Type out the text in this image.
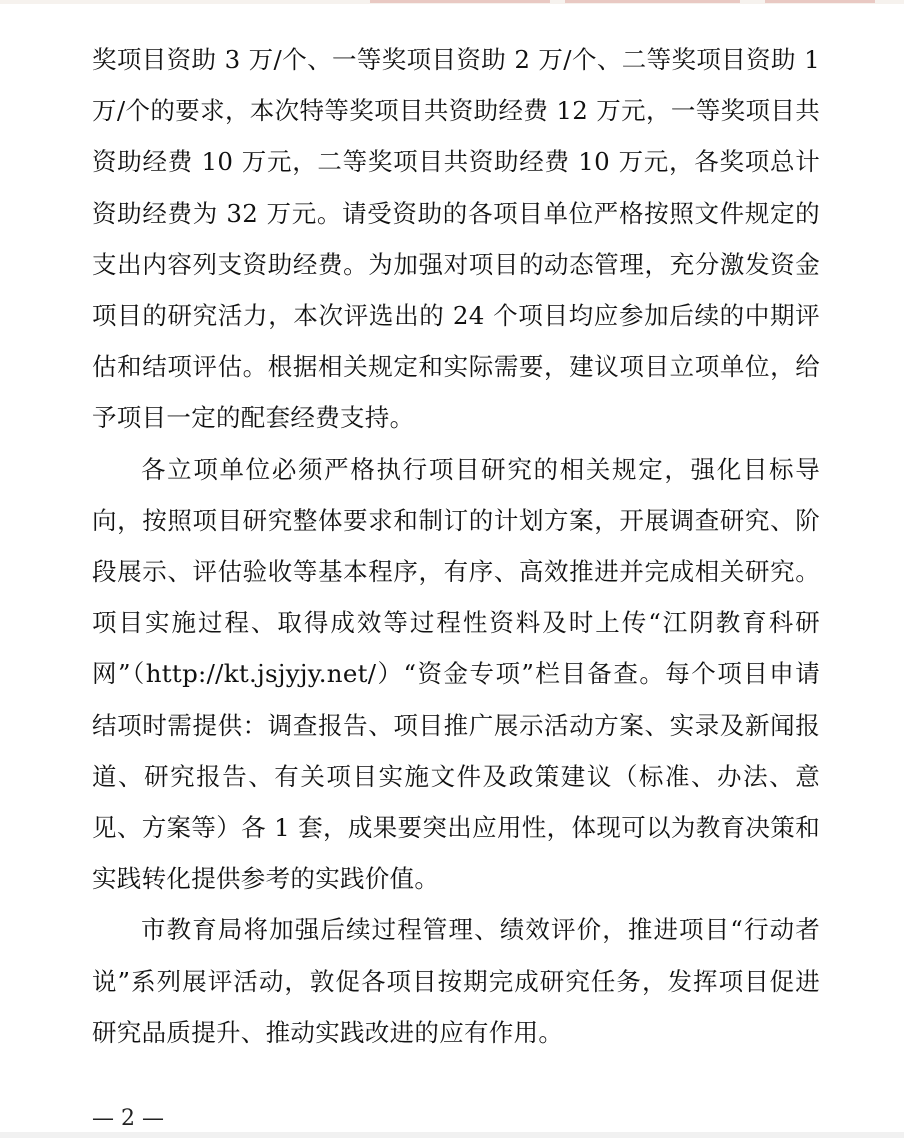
奖项目资助 3 万/个、一等奖项目资助 2 万/个、二等奖项目资助 1 万/个的要求，本次特等奖项目共资助经费 12 万元，一等奖项目共资助经费 10 万元，二等奖项目共资助经费 10 万元，各奖项总计资助经费为 32 万元。请受资助的各项目单位严格按照文件规定的支出内容列支资助经费。为加强对项目的动态管理，充分激发资金项目的研究活力，本次评选出的 24 个项目均应参加后续的中期评估和结项评估。根据相关规定和实际需要，建议项目立项单位，给予项目一定的配套经费支持。

各立项单位必须严格执行项目研究的相关规定，强化目标导向，按照项目研究整体要求和制订的计划方案，开展调查研究、阶段展示、评估验收等基本程序，有序、高效推进并完成相关研究。项目实施过程、取得成效等过程性资料及时上传“江阴教育科研网”（http://kt.jsjyjy.net/）“资金专项”栏目备查。每个项目申请结项时需提供：调查报告、项目推广展示活动方案、实录及新闻报道、研究报告、有关项目实施文件及政策建议（标准、办法、意见、方案等）各 1 套，成果要突出应用性，体现可以为教育决策和实践转化提供参考的实践价值。

市教育局将加强后续过程管理、绩效评价，推进项目“行动者说”系列展评活动，敦促各项目按期完成研究任务，发挥项目促进研究品质提升、推动实践改进的应有作用。

— 2 —
